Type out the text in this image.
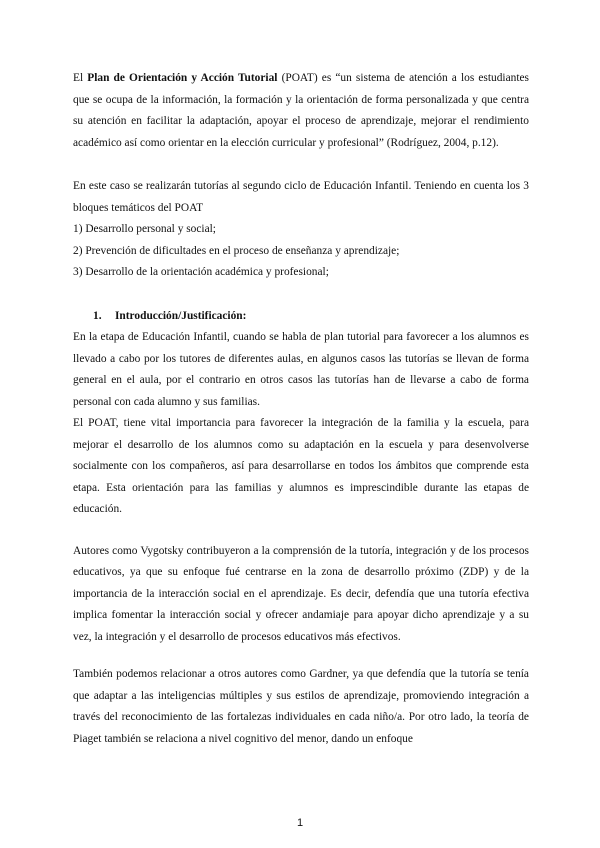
El Plan de Orientación y Acción Tutorial (POAT) es “un sistema de atención a los estudiantes que se ocupa de la información, la formación y la orientación de forma personalizada y que centra su atención en facilitar la adaptación, apoyar el proceso de aprendizaje, mejorar el rendimiento académico así como orientar en la elección curricular y profesional” (Rodríguez, 2004, p.12).

En este caso se realizarán tutorías al segundo ciclo de Educación Infantil. Teniendo en cuenta los 3 bloques temáticos del POAT

1) Desarrollo personal y social;
2) Prevención de dificultades en el proceso de enseñanza y aprendizaje;
3) Desarrollo de la orientación académica y profesional;
1. Introducción/Justificación:

En la etapa de Educación Infantil, cuando se habla de plan tutorial para favorecer a los alumnos es llevado a cabo por los tutores de diferentes aulas, en algunos casos las tutorías se llevan de forma general en el aula, por el contrario en otros casos las tutorías han de llevarse a cabo de forma personal con cada alumno y sus familias.

El POAT, tiene vital importancia para favorecer la integración de la familia y la escuela, para mejorar el desarrollo de los alumnos como su adaptación en la escuela y para desenvolverse socialmente con los compañeros, así para desarrollarse en todos los ámbitos que comprende esta etapa. Esta orientación para las familias y alumnos es imprescindible durante las etapas de educación.

Autores como Vygotsky contribuyeron a la comprensión de la tutoría, integración y de los procesos educativos, ya que su enfoque fué centrarse en la zona de desarrollo próximo (ZDP) y de la importancia de la interacción social en el aprendizaje. Es decir, defendía que una tutoría efectiva implica fomentar la interacción social y ofrecer andamiaje para apoyar dicho aprendizaje y a su vez, la integración y el desarrollo de procesos educativos más efectivos.

También podemos relacionar a otros autores como Gardner, ya que defendía que la tutoría se tenía que adaptar a las inteligencias múltiples y sus estilos de aprendizaje, promoviendo integración a través del reconocimiento de las fortalezas individuales en cada niño/a. Por otro lado, la teoría de Piaget también se relaciona a nivel cognitivo del menor, dando un enfoque

1
